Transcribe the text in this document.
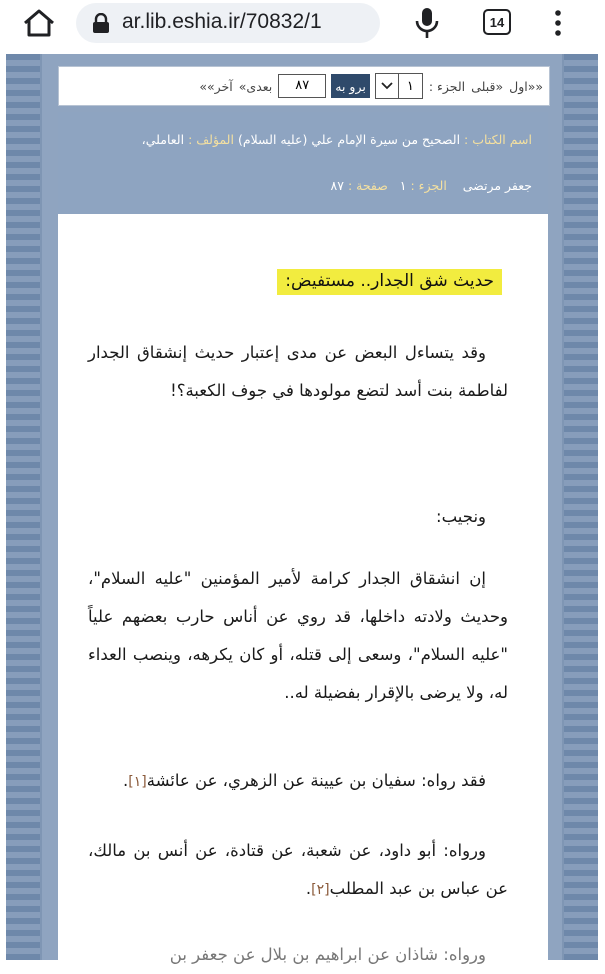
ar.lib.eshia.ir/70832/1	14
««اول
«قبلی
الجزء :
١
برو به
٨٧
بعدی»
آخر»»
اسم الكتاب : الصحيح من سيرة الإمام علي (عليه السلام) المؤلف : العاملي،
جعفر مرتضى    الجزء : ١   صفحة : ٨٧
حديث شق الجدار.. مستفيض:
وقد يتساءل البعض عن مدى إعتبار حديث إنشقاق الجدار لفاطمة بنت أسد لتضع مولودها في جوف الكعبة؟!
ونجيب:
إن انشقاق الجدار كرامة لأمير المؤمنين "عليه السلام"، وحديث ولادته داخلها، قد روي عن أناس حارب بعضهم علياً "عليه السلام"، وسعى إلى قتله، أو كان يكرهه، وينصب العداء له، ولا يرضى بالإقرار بفضيلة له..
فقد رواه: سفيان بن عيينة عن الزهري، عن عائشة[١].
ورواه: أبو داود، عن شعبة، عن قتادة، عن أنس بن مالك، عن عباس بن عبد المطلب[٢].
ورواه: شاذان عن ابراهيم بن بلال عن جعفر بن
